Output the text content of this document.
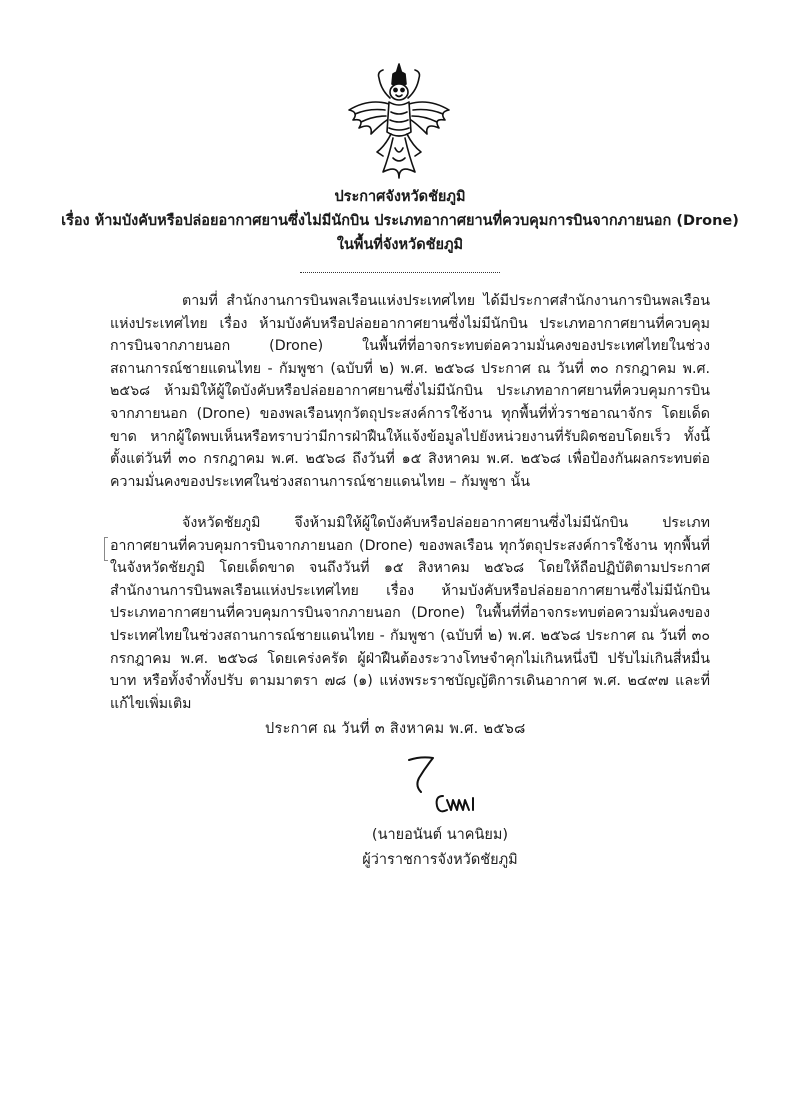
ประกาศจังหวัดชัยภูมิ
เรื่อง ห้ามบังคับหรือปล่อยอากาศยานซึ่งไม่มีนักบิน ประเภทอากาศยานที่ควบคุมการบินจากภายนอก (Drone)
ในพื้นที่จังหวัดชัยภูมิ

ตามที่ สำนักงานการบินพลเรือนแห่งประเทศไทย ได้มีประกาศสำนักงานการบินพลเรือนแห่งประเทศไทย เรื่อง ห้ามบังคับหรือปล่อยอากาศยานซึ่งไม่มีนักบิน ประเภทอากาศยานที่ควบคุมการบินจากภายนอก (Drone) ในพื้นที่ที่อาจกระทบต่อความมั่นคงของประเทศไทยในช่วงสถานการณ์ชายแดนไทย - กัมพูชา (ฉบับที่ ๒) พ.ศ. ๒๕๖๘ ประกาศ ณ วันที่ ๓๐ กรกฎาคม พ.ศ. ๒๕๖๘ ห้ามมิให้ผู้ใดบังคับหรือปล่อยอากาศยานซึ่งไม่มีนักบิน ประเภทอากาศยานที่ควบคุมการบินจากภายนอก (Drone) ของพลเรือนทุกวัตถุประสงค์การใช้งาน ทุกพื้นที่ทั่วราชอาณาจักร โดยเด็ดขาด หากผู้ใดพบเห็นหรือทราบว่ามีการฝ่าฝืนให้แจ้งข้อมูลไปยังหน่วยงานที่รับผิดชอบโดยเร็ว ทั้งนี้ ตั้งแต่วันที่ ๓๐ กรกฎาคม พ.ศ. ๒๕๖๘ ถึงวันที่ ๑๕ สิงหาคม พ.ศ. ๒๕๖๘ เพื่อป้องกันผลกระทบต่อความมั่นคงของประเทศในช่วงสถานการณ์ชายแดนไทย – กัมพูชา นั้น

จังหวัดชัยภูมิ จึงห้ามมิให้ผู้ใดบังคับหรือปล่อยอากาศยานซึ่งไม่มีนักบิน ประเภทอากาศยานที่ควบคุมการบินจากภายนอก (Drone) ของพลเรือน ทุกวัตถุประสงค์การใช้งาน ทุกพื้นที่ในจังหวัดชัยภูมิ โดยเด็ดขาด จนถึงวันที่ ๑๕ สิงหาคม ๒๕๖๘ โดยให้ถือปฏิบัติตามประกาศสำนักงานการบินพลเรือนแห่งประเทศไทย เรื่อง ห้ามบังคับหรือปล่อยอากาศยานซึ่งไม่มีนักบิน ประเภทอากาศยานที่ควบคุมการบินจากภายนอก (Drone) ในพื้นที่ที่อาจกระทบต่อความมั่นคงของประเทศไทยในช่วงสถานการณ์ชายแดนไทย - กัมพูชา (ฉบับที่ ๒) พ.ศ. ๒๕๖๘ ประกาศ ณ วันที่ ๓๐ กรกฎาคม พ.ศ. ๒๕๖๘ โดยเคร่งครัด ผู้ฝ่าฝืนต้องระวางโทษจำคุกไม่เกินหนึ่งปี ปรับไม่เกินสี่หมื่นบาท หรือทั้งจำทั้งปรับ ตามมาตรา ๗๘ (๑) แห่งพระราชบัญญัติการเดินอากาศ พ.ศ. ๒๔๙๗ และที่แก้ไขเพิ่มเติม

ประกาศ ณ วันที่ ๓ สิงหาคม พ.ศ. ๒๕๖๘
(นายอนันต์ นาคนิยม)
ผู้ว่าราชการจังหวัดชัยภูมิ
